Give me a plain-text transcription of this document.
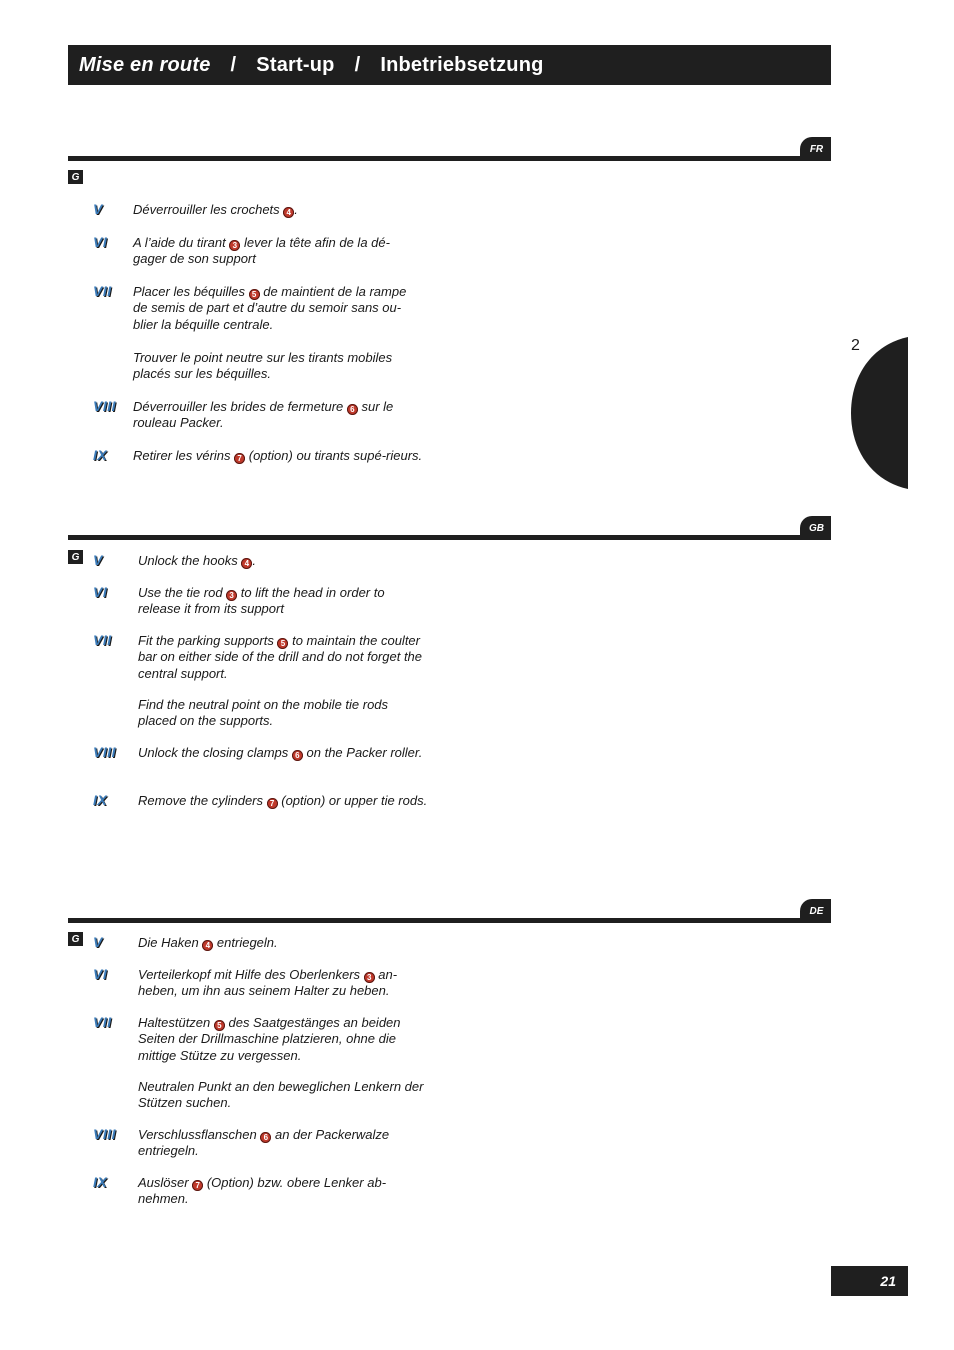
Mise en route / Start-up / Inbetriebsetzung
2
FR
G
V Déverrouiller les crochets 4 .
VI A l’aide du tirant 3 lever la tête afin de la dé-gager de son support
VII Placer les béquilles 5 de maintient de la rampe de semis de part et d’autre du semoir sans ou-blier la béquille centrale.
Trouver le point neutre sur les tirants mobiles placés sur les béquilles.
VIII Déverrouiller les brides de fermeture 6 sur le rouleau Packer.
IX Retirer les vérins 7 (option) ou tirants supé-rieurs.
GB
G V	Unlock the hooks 4 .
VI Use the tie rod 3 to lift the head in order to release it from its support
VII Fit the parking supports 5 to maintain the coulter bar on either side of the drill and do not forget the central support.
Find the neutral point on the mobile tie rods placed on the supports.
VIII Unlock the closing clamps 6 on the Packer roller.
IX Remove the cylinders 7 (option) or upper tie rods.
DE
G V	Die Haken 4 entriegeln.
VI Verteilerkopf mit Hilfe des Oberlenkers 3 an-heben, um ihn aus seinem Halter zu heben.
VII Haltestützen 5 des Saatgestänges an beiden Seiten der Drillmaschine platzieren, ohne die mittige Stütze zu vergessen.
Neutralen Punkt an den beweglichen Lenkern der Stützen suchen.
VIII Verschlussflanschen 6 an der Packerwalze entriegeln.
IX Auslöser 7 (Option) bzw. obere Lenker ab-nehmen.
21
